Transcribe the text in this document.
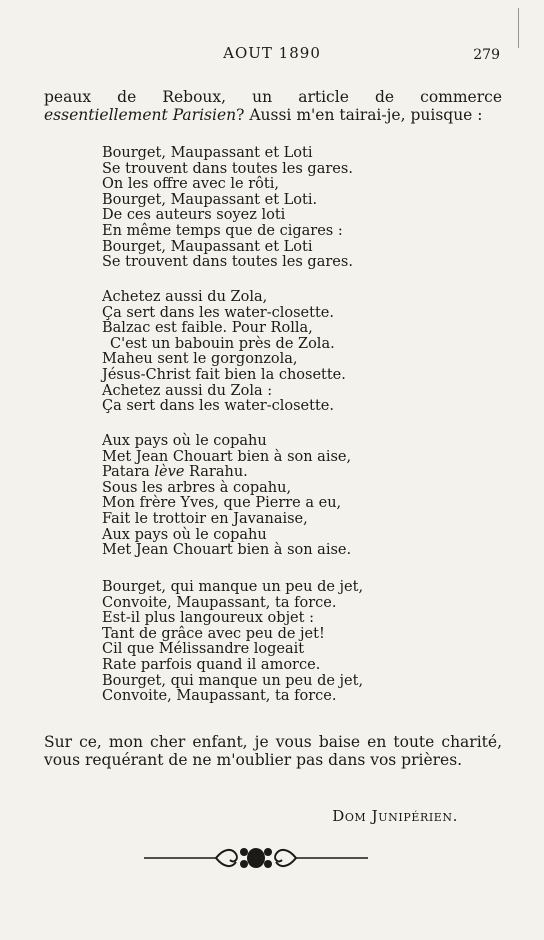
AOUT 1890	279

peaux de Reboux, un article de commerce essentiellement Parisien? Aussi m'en tairai-je, puisque :

Bourget, Maupassant et Loti
Se trouvent dans toutes les gares.
On les offre avec le rôti,
Bourget, Maupassant et Loti.
De ces auteurs soyez loti
En même temps que de cigares :
Bourget, Maupassant et Loti
Se trouvent dans toutes les gares.
Achetez aussi du Zola,
Ça sert dans les water-closette.
Balzac est faible. Pour Rolla,
C'est un babouin près de Zola.
Maheu sent le gorgonzola,
Jésus-Christ fait bien la chosette.
Achetez aussi du Zola :
Ça sert dans les water-closette.
Aux pays où le copahu
Met Jean Chouart bien à son aise,
Patara lève Rarahu.
Sous les arbres à copahu,
Mon frère Yves, que Pierre a eu,
Fait le trottoir en Javanaise,
Aux pays où le copahu
Met Jean Chouart bien à son aise.
Bourget, qui manque un peu de jet,
Convoite, Maupassant, ta force.
Est-il plus langoureux objet :
Tant de grâce avec peu de jet!
Cil que Mélissandre logeait
Rate parfois quand il amorce.
Bourget, qui manque un peu de jet,
Convoite, Maupassant, ta force.

Sur ce, mon cher enfant, je vous baise en toute charité, vous requérant de ne m'oublier pas dans vos prières.

Dom Junipérien.
